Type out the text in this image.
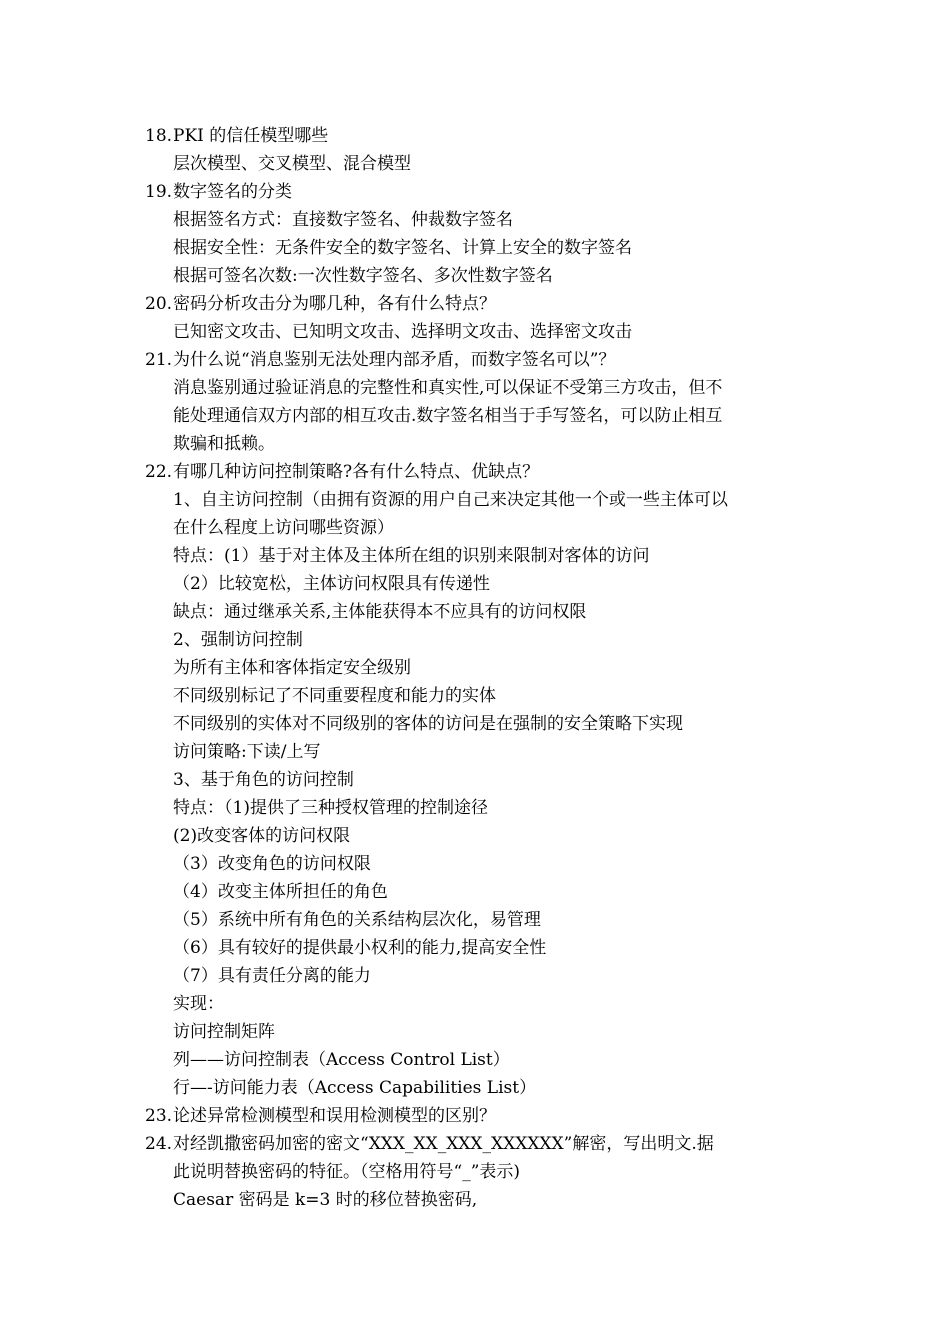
18. PKI 的信任模型哪些
层次模型、交叉模型、混合模型
19. 数字签名的分类
根据签名方式：直接数字签名、仲裁数字签名
根据安全性：无条件安全的数字签名、计算上安全的数字签名
根据可签名次数:一次性数字签名、多次性数字签名
20. 密码分析攻击分为哪几种，各有什么特点？
已知密文攻击、已知明文攻击、选择明文攻击、选择密文攻击
21. 为什么说“消息鉴别无法处理内部矛盾，而数字签名可以”？
消息鉴别通过验证消息的完整性和真实性,可以保证不受第三方攻击，但不
能处理通信双方内部的相互攻击.数字签名相当于手写签名，可以防止相互
欺骗和抵赖。
22. 有哪几种访问控制策略?各有什么特点、优缺点？
1、自主访问控制（由拥有资源的用户自己来决定其他一个或一些主体可以
在什么程度上访问哪些资源）
特点：(1）基于对主体及主体所在组的识别来限制对客体的访问
（2）比较宽松，主体访问权限具有传递性
缺点：通过继承关系,主体能获得本不应具有的访问权限
2、强制访问控制
为所有主体和客体指定安全级别
不同级别标记了不同重要程度和能力的实体
不同级别的实体对不同级别的客体的访问是在强制的安全策略下实现
访问策略:下读/上写
3、基于角色的访问控制
特点：（1)提供了三种授权管理的控制途径
(2)改变客体的访问权限
（3）改变角色的访问权限
（4）改变主体所担任的角色
（5）系统中所有角色的关系结构层次化，易管理
（6）具有较好的提供最小权利的能力,提高安全性
（7）具有责任分离的能力
实现：
访问控制矩阵
列——访问控制表（Access Control List）
行—-访问能力表（Access Capabilities List）
23. 论述异常检测模型和误用检测模型的区别？
24. 对经凯撒密码加密的密文“XXX_XX_XXX_XXXXXX”解密，写出明文.据
此说明替换密码的特征。（空格用符号“_”表示)
Caesar 密码是 k=3 时的移位替换密码,
